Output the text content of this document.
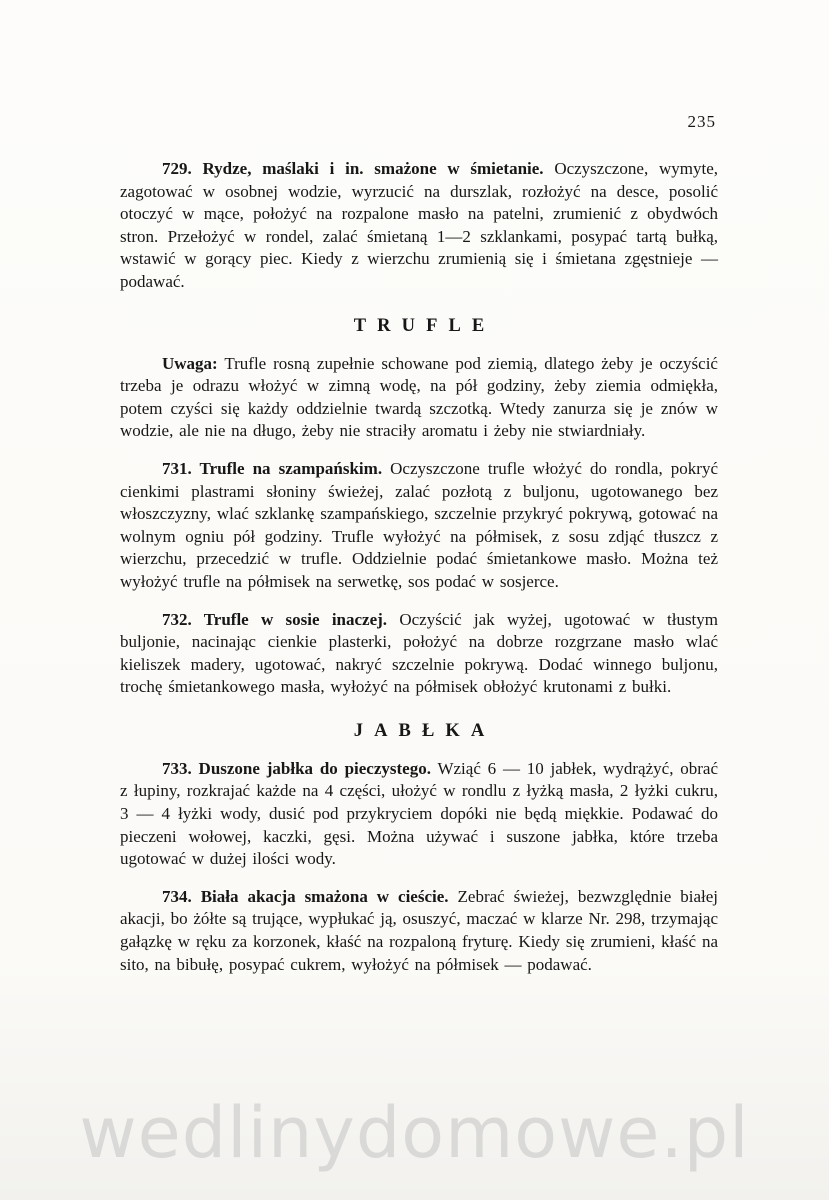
235

729. Rydze, maślaki i in. smażone w śmietanie. Oczyszczone, wymyte, zagotować w osobnej wodzie, wyrzucić na durszlak, rozłożyć na desce, posolić otoczyć w mące, położyć na rozpalone masło na patelni, zrumienić z obydwóch stron. Przełożyć w rondel, zalać śmietaną 1—2 szklankami, posypać tartą bułką, wstawić w gorący piec. Kiedy z wierzchu zrumienią się i śmietana zgęstnieje — podawać.

TRUFLE

Uwaga: Trufle rosną zupełnie schowane pod ziemią, dlatego żeby je oczyścić trzeba je odrazu włożyć w zimną wodę, na pół godziny, żeby ziemia odmiękła, potem czyści się każdy oddzielnie twardą szczotką. Wtedy zanurza się je znów w wodzie, ale nie na długo, żeby nie straciły aromatu i żeby nie stwiardniały.

731. Trufle na szampańskim. Oczyszczone trufle włożyć do rondla, pokryć cienkimi plastrami słoniny świeżej, zalać pozłotą z buljonu, ugotowanego bez włoszczyzny, wlać szklankę szampańskiego, szczelnie przykryć pokrywą, gotować na wolnym ogniu pół godziny. Trufle wyłożyć na półmisek, z sosu zdjąć tłuszcz z wierzchu, przecedzić w trufle. Oddzielnie podać śmietankowe masło. Można też wyłożyć trufle na półmisek na serwetkę, sos podać w sosjerce.

732. Trufle w sosie inaczej. Oczyścić jak wyżej, ugotować w tłustym buljonie, nacinając cienkie plasterki, położyć na dobrze rozgrzane masło wlać kieliszek madery, ugotować, nakryć szczelnie pokrywą. Dodać winnego buljonu, trochę śmietankowego masła, wyłożyć na półmisek obłożyć krutonami z bułki.

JABŁKA

733. Duszone jabłka do pieczystego. Wziąć 6 — 10 jabłek, wydrążyć, obrać z łupiny, rozkrajać każde na 4 części, ułożyć w rondlu z łyżką masła, 2 łyżki cukru, 3 — 4 łyżki wody, dusić pod przykryciem dopóki nie będą miękkie. Podawać do pieczeni wołowej, kaczki, gęsi. Można używać i suszone jabłka, które trzeba ugotować w dużej ilości wody.

734. Biała akacja smażona w cieście. Zebrać świeżej, bezwzględnie białej akacji, bo żółte są trujące, wypłukać ją, osuszyć, maczać w klarze Nr. 298, trzymając gałązkę w ręku za korzonek, kłaść na rozpaloną fryturę. Kiedy się zrumieni, kłaść na sito, na bibułę, posypać cukrem, wyłożyć na półmisek — podawać.

wedlinydomowe.pl
